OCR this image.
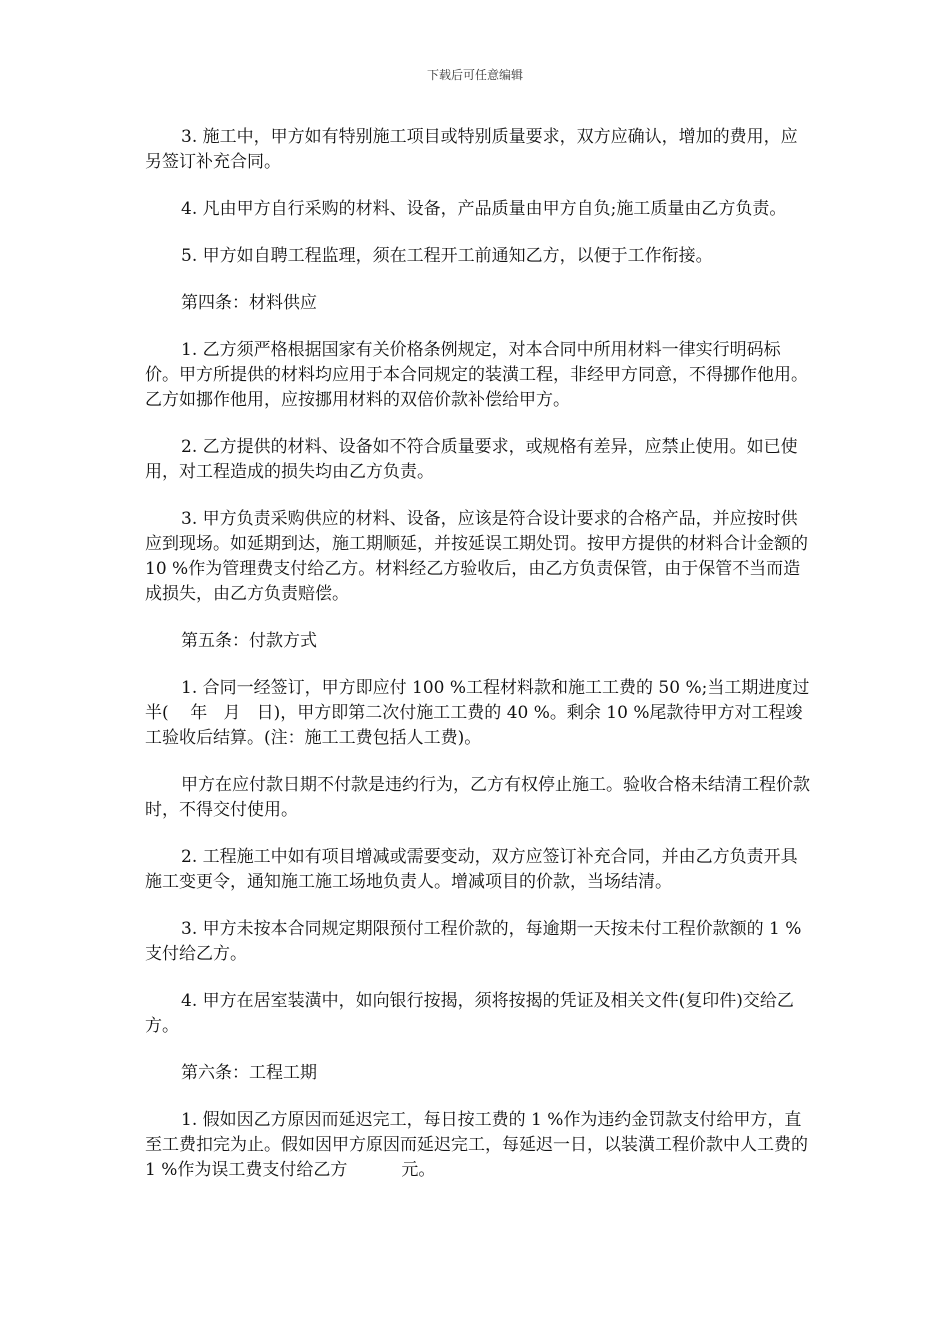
下载后可任意编辑

3. 施工中，甲方如有特别施工项目或特别质量要求，双方应确认，增加的费用，应另签订补充合同。

4. 凡由甲方自行采购的材料、设备，产品质量由甲方自负;施工质量由乙方负责。

5. 甲方如自聘工程监理，须在工程开工前通知乙方，以便于工作衔接。

第四条：材料供应

1. 乙方须严格根据国家有关价格条例规定，对本合同中所用材料一律实行明码标价。甲方所提供的材料均应用于本合同规定的装潢工程，非经甲方同意，不得挪作他用。乙方如挪作他用，应按挪用材料的双倍价款补偿给甲方。

2. 乙方提供的材料、设备如不符合质量要求，或规格有差异，应禁止使用。如已使用，对工程造成的损失均由乙方负责。

3. 甲方负责采购供应的材料、设备，应该是符合设计要求的合格产品，并应按时供应到现场。如延期到达，施工期顺延，并按延误工期处罚。按甲方提供的材料合计金额的 10 %作为管理费支付给乙方。材料经乙方验收后，由乙方负责保管，由于保管不当而造成损失，由乙方负责赔偿。

第五条：付款方式

1. 合同一经签订，甲方即应付 100 %工程材料款和施工工费的 50 %;当工期进度过半(    年   月   日)，甲方即第二次付施工工费的 40 %。剩余 10 %尾款待甲方对工程竣工验收后结算。(注：施工工费包括人工费)。

甲方在应付款日期不付款是违约行为，乙方有权停止施工。验收合格未结清工程价款时，不得交付使用。

2. 工程施工中如有项目增减或需要变动，双方应签订补充合同，并由乙方负责开具施工变更令，通知施工施工场地负责人。增减项目的价款，当场结清。

3. 甲方未按本合同规定期限预付工程价款的，每逾期一天按未付工程价款额的 1 %支付给乙方。

4. 甲方在居室装潢中，如向银行按揭，须将按揭的凭证及相关文件(复印件)交给乙方。

第六条：工程工期

1. 假如因乙方原因而延迟完工，每日按工费的 1 %作为违约金罚款支付给甲方，直至工费扣完为止。假如因甲方原因而延迟完工，每延迟一日，以装潢工程价款中人工费的 1 %作为误工费支付给乙方          元。
